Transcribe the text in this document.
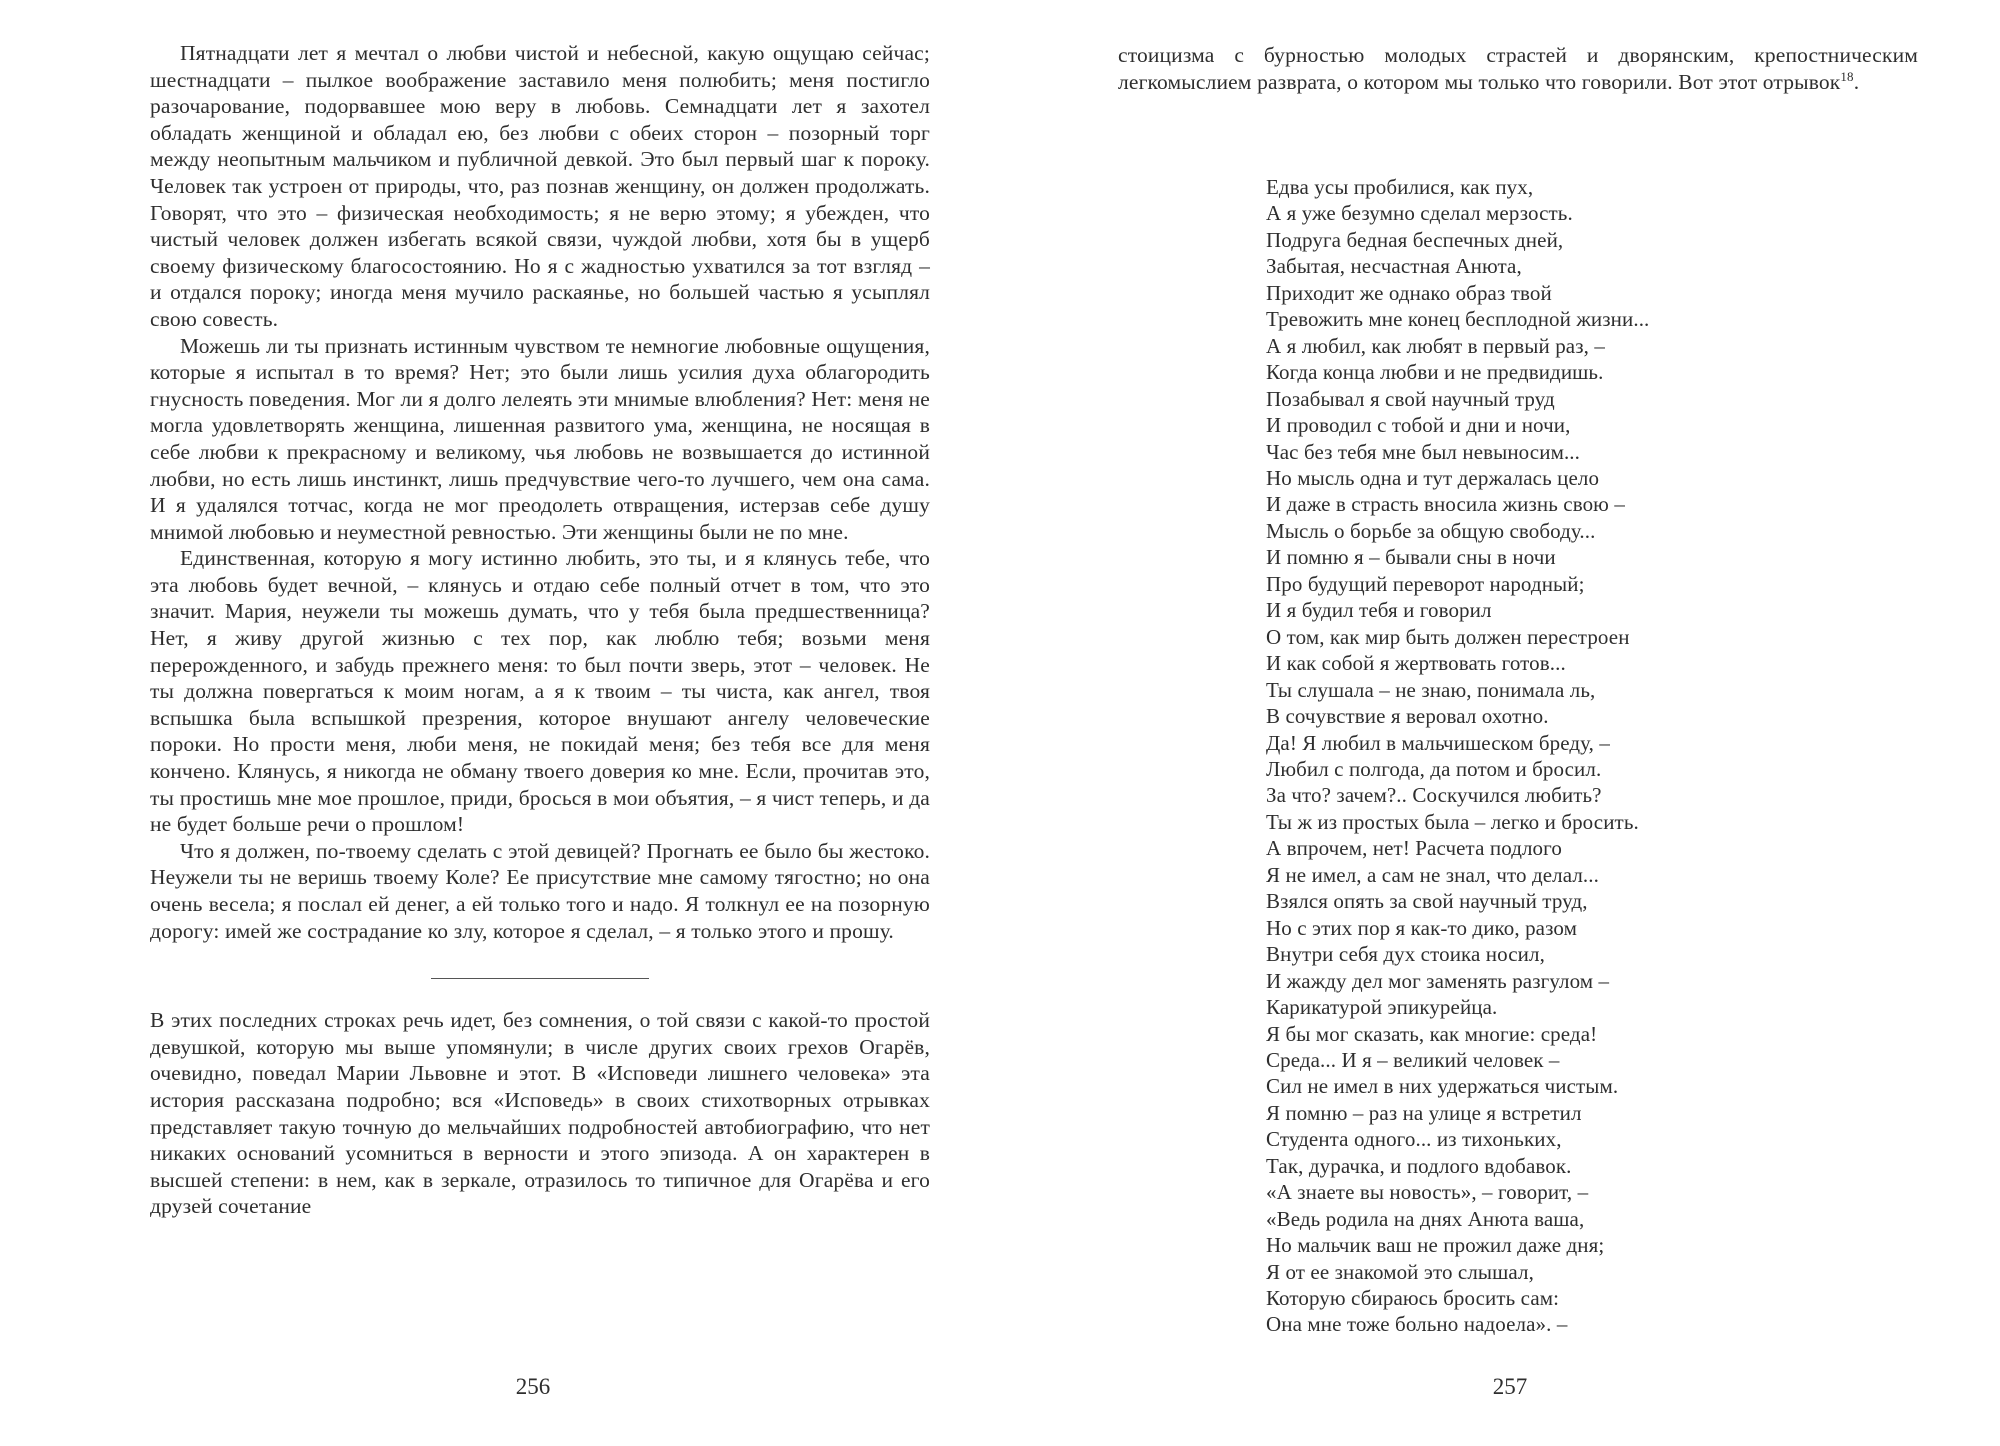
Пятнадцати лет я мечтал о любви чистой и небесной, какую ощущаю сейчас; шестнадцати – пылкое воображение заставило меня полюбить; меня постигло разочарование, подорвавшее мою веру в любовь. Семнадцати лет я захотел обладать женщиной и обладал ею, без любви с обеих сторон – позорный торг между неопытным мальчиком и публичной девкой. Это был первый шаг к пороку. Человек так устроен от природы, что, раз познав женщину, он должен продолжать. Говорят, что это – физическая необходимость; я не верю этому; я убежден, что чистый человек должен избегать всякой связи, чуждой любви, хотя бы в ущерб своему физическому благосостоянию. Но я с жадностью ухватился за тот взгляд – и отдался пороку; иногда меня мучило раскаянье, но большей частью я усыплял свою совесть.

Можешь ли ты признать истинным чувством те немногие любовные ощущения, которые я испытал в то время? Нет; это были лишь усилия духа облагородить гнусность поведения. Мог ли я долго лелеять эти мнимые влюбления? Нет: меня не могла удовлетворять женщина, лишенная развитого ума, женщина, не носящая в себе любви к прекрасному и великому, чья любовь не возвышается до истинной любви, но есть лишь инстинкт, лишь предчувствие чего-то лучшего, чем она сама. И я удалялся тотчас, когда не мог преодолеть отвращения, истерзав себе душу мнимой любовью и неуместной ревностью. Эти женщины были не по мне.

Единственная, которую я могу истинно любить, это ты, и я клянусь тебе, что эта любовь будет вечной, – клянусь и отдаю себе полный отчет в том, что это значит. Мария, неужели ты можешь думать, что у тебя была предшественница? Нет, я живу другой жизнью с тех пор, как люблю тебя; возьми меня перерожденного, и забудь прежнего меня: то был почти зверь, этот – человек. Не ты должна повергаться к моим ногам, а я к твоим – ты чиста, как ангел, твоя вспышка была вспышкой презрения, которое внушают ангелу человеческие пороки. Но прости меня, люби меня, не покидай меня; без тебя все для меня кончено. Клянусь, я никогда не обману твоего доверия ко мне. Если, прочитав это, ты простишь мне мое прошлое, приди, бросься в мои объятия, – я чист теперь, и да не будет больше речи о прошлом!

Что я должен, по-твоему сделать с этой девицей? Прогнать ее было бы жестоко. Неужели ты не веришь твоему Коле? Ее присутствие мне самому тягостно; но она очень весела; я послал ей денег, а ей только того и надо. Я толкнул ее на позорную дорогу: имей же сострадание ко злу, которое я сделал, – я только этого и прошу.

В этих последних строках речь идет, без сомнения, о той связи с какой-то простой девушкой, которую мы выше упомянули; в числе других своих грехов Огарёв, очевидно, поведал Марии Львовне и этот. В «Исповеди лишнего человека» эта история рассказана подробно; вся «Исповедь» в своих стихотворных отрывках представляет такую точную до мельчайших подробностей автобиографию, что нет никаких оснований усомниться в верности и этого эпизода. А он характерен в высшей степени: в нем, как в зеркале, отразилось то типичное для Огарёва и его друзей сочетание

256

стоицизма с бурностью молодых страстей и дворянским, крепостническим легкомыслием разврата, о котором мы только что говорили. Вот этот отрывок$^{18}$.

Едва усы пробилися, как пух,

А я уже безумно сделал мерзость.

Подруга бедная беспечных дней,

Забытая, несчастная Анюта,

Приходит же однако образ твой

Тревожить мне конец бесплодной жизни...

А я любил, как любят в первый раз, –

Когда конца любви и не предвидишь.

Позабывал я свой научный труд

И проводил с тобой и дни и ночи,

Час без тебя мне был невыносим...

Но мысль одна и тут держалась цело

И даже в страсть вносила жизнь свою –

Мысль о борьбе за общую свободу...

И помню я – бывали сны в ночи

Про будущий переворот народный;

И я будил тебя и говорил

О том, как мир быть должен перестроен

И как собой я жертвовать готов...

Ты слушала – не знаю, понимала ль,

В сочувствие я веровал охотно.

Да! Я любил в мальчишеском бреду, –

Любил с полгода, да потом и бросил.

За что? зачем?.. Соскучился любить?

Ты ж из простых была – легко и бросить.

А впрочем, нет! Расчета подлого

Я не имел, а сам не знал, что делал...

Взялся опять за свой научный труд,

Но с этих пор я как-то дико, разом

Внутри себя дух стоика носил,

И жажду дел мог заменять разгулом –

Карикатурой эпикурейца.

Я бы мог сказать, как многие: среда!

Среда... И я – великий человек –

Сил не имел в них удержаться чистым.

Я помню – раз на улице я встретил

Студента одного... из тихоньких,

Так, дурачка, и подлого вдобавок.

«А знаете вы новость», – говорит, –

«Ведь родила на днях Анюта ваша,

Но мальчик ваш не прожил даже дня;

Я от ее знакомой это слышал,

Которую сбираюсь бросить сам:

Она мне тоже больно надоела». –

257
